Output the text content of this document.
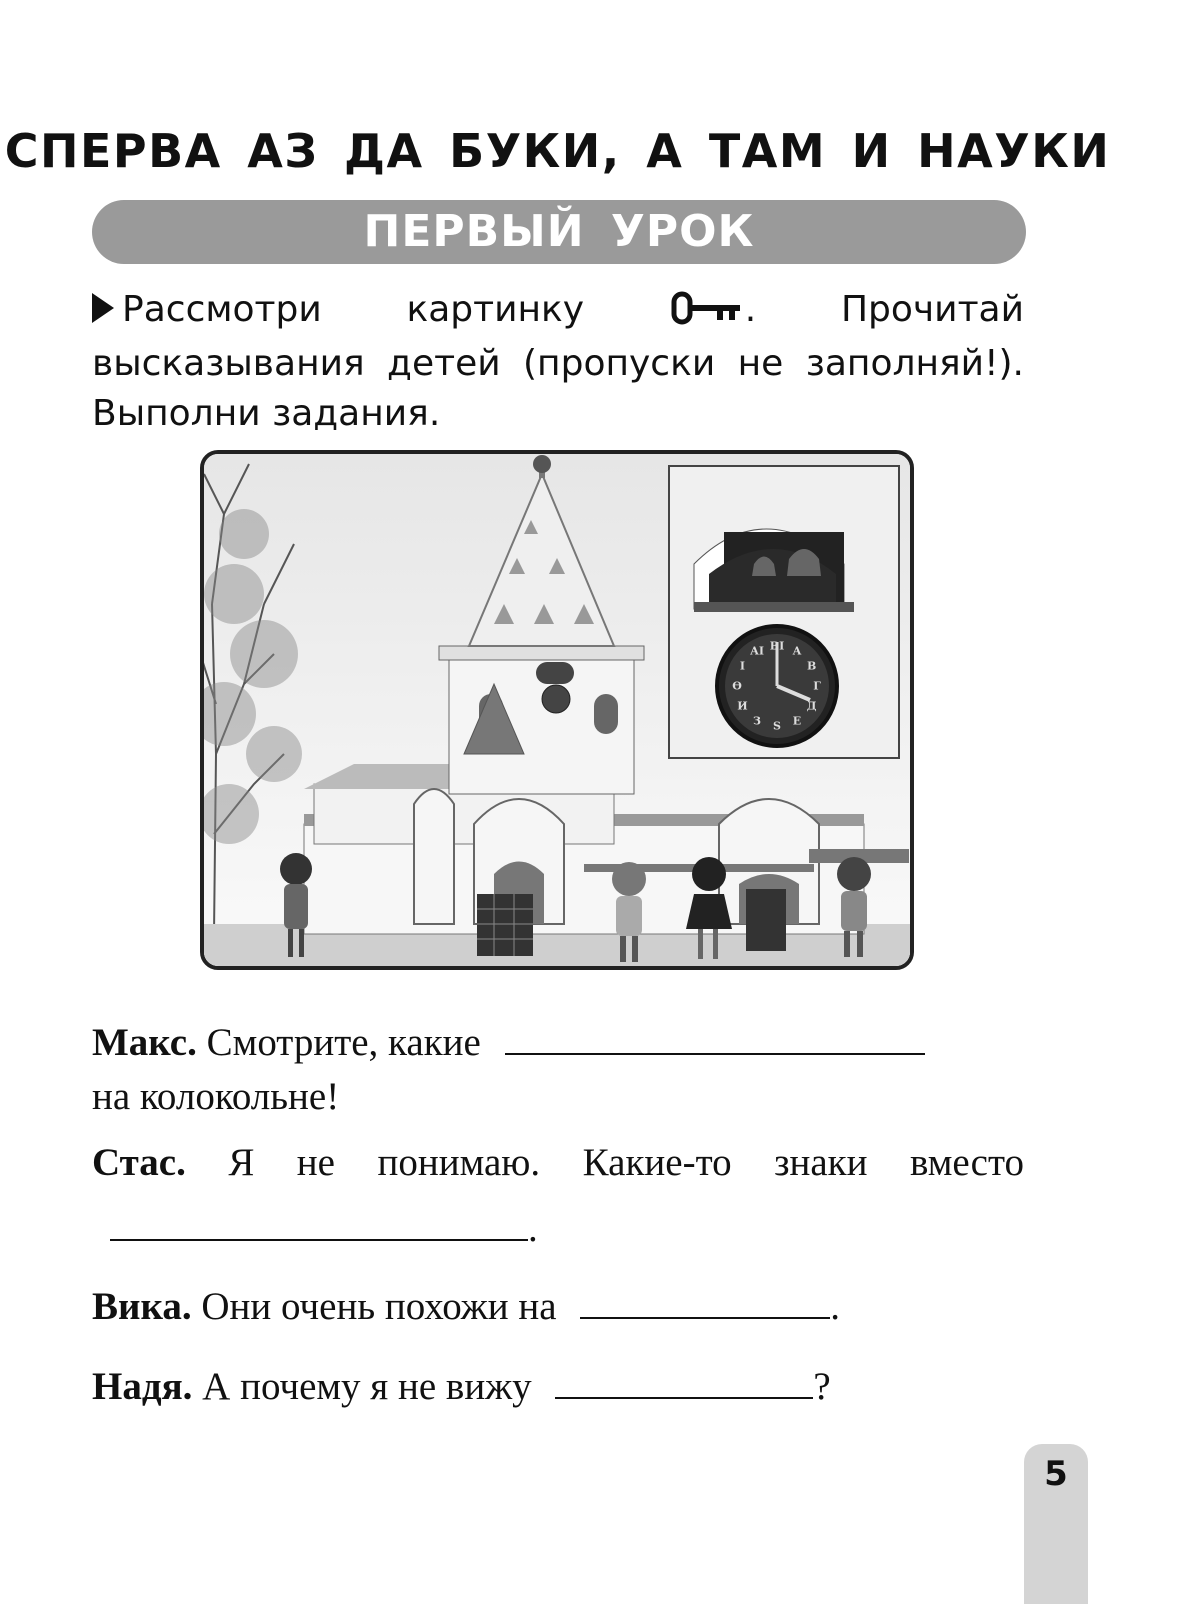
СПЕРВА АЗ ДА БУКИ, А ТАМ И НАУКИ
ПЕРВЫЙ УРОК
Рассмотри картинку	. Прочитай высказывания детей (пропуски не заполняй!). Выполни задания.
А
В
Г
Д
Е
S
З
И
Ѳ
І
АІ ВІ
Макс. Смотрите, какие
на колокольне!
Стас. Я не понимаю. Какие-то знаки вместо .
Вика. Они очень похожи на	.
Надя. А почему я не вижу	?
5
